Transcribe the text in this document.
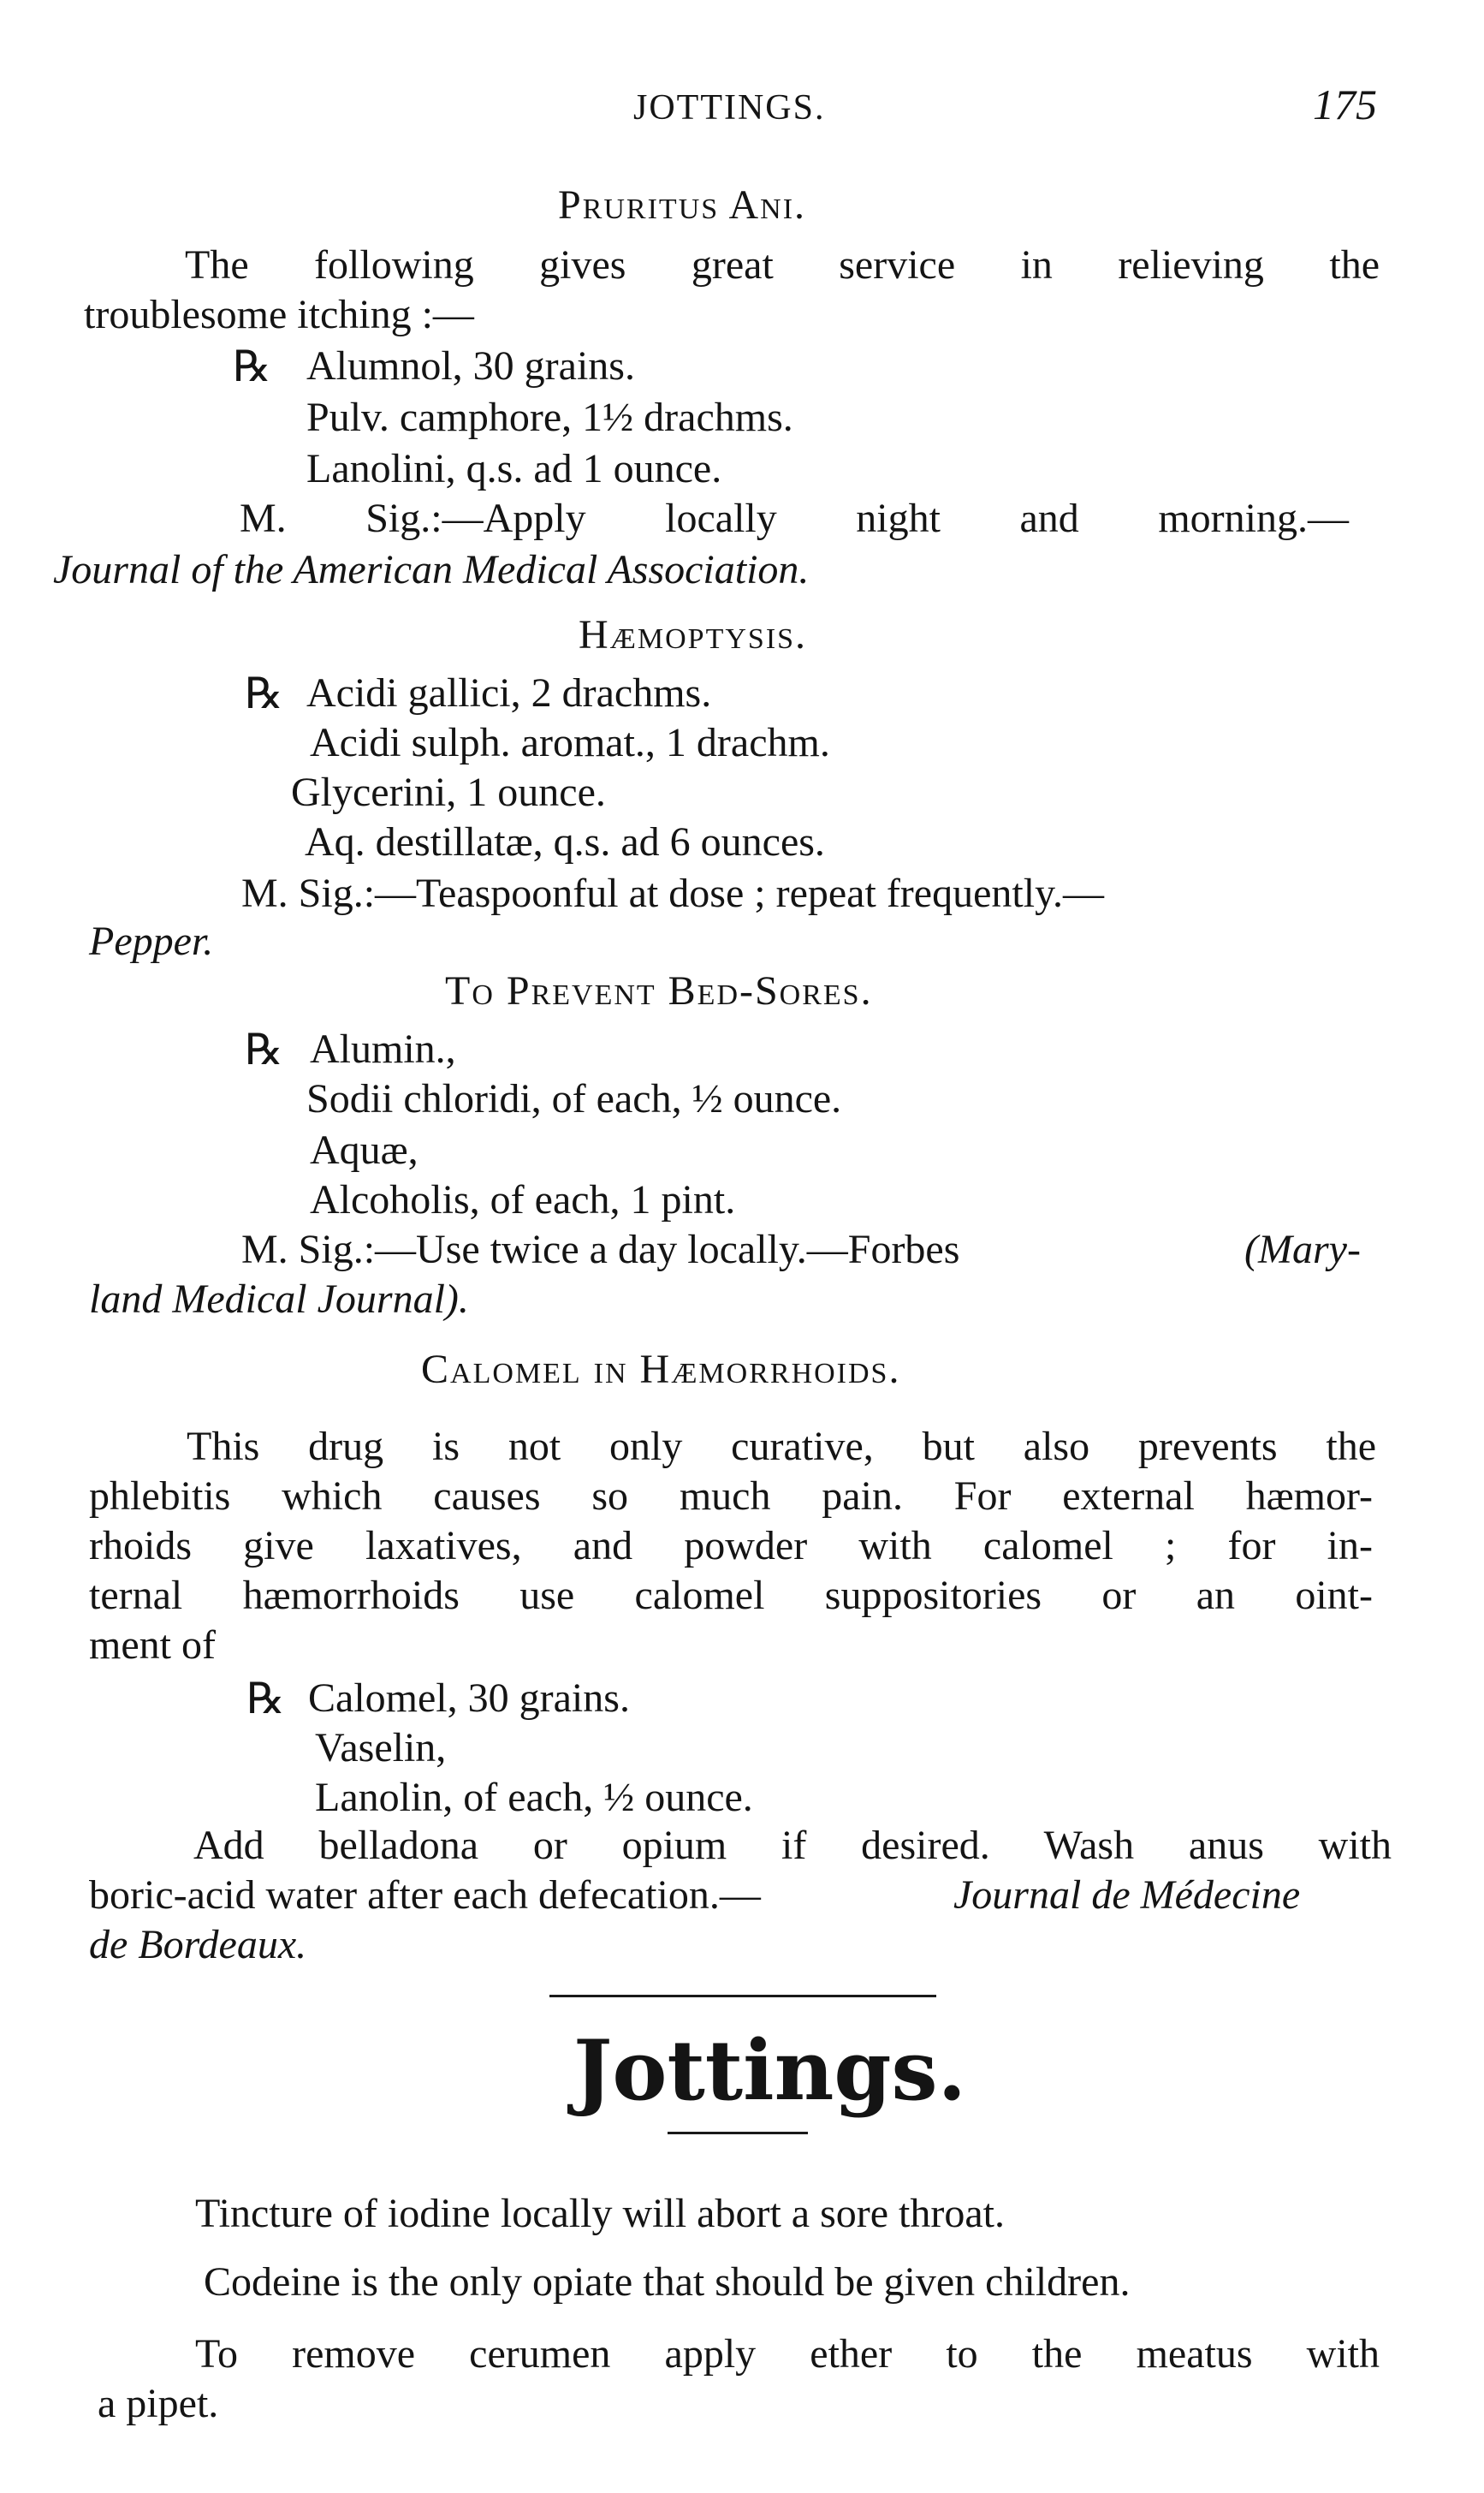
JOTTINGS.	175
Pruritus Ani.
The following gives great service in relieving the
troublesome itching :—
℞ Alumnol, 30 grains.
Pulv. camphore, 1½ drachms.
Lanolini, q.s. ad 1 ounce.
M. Sig.:—Apply locally night and morning.—
Journal of the American Medical Association.
Hæmoptysis.
℞ Acidi gallici, 2 drachms.
Acidi sulph. aromat., 1 drachm.
Glycerini, 1 ounce.
Aq. destillatæ, q.s. ad 6 ounces.
M. Sig.:—Teaspoonful at dose ; repeat frequently.—
Pepper.
To Prevent Bed-Sores.
℞ Alumin.,
Sodii chloridi, of each, ½ ounce.
Aquæ,
Alcoholis, of each, 1 pint.
M. Sig.:—Use twice a day locally.—Forbes	(Mary-
land Medical Journal).
Calomel in Hæmorrhoids.
This drug is not only curative, but also prevents the
phlebitis which causes so much pain. For external hæmor-
rhoids give laxatives, and powder with calomel ; for in-
ternal hæmorrhoids use calomel suppositories or an oint-
ment of
℞ Calomel, 30 grains.
Vaselin,
Lanolin, of each, ½ ounce.
Add belladona or opium if desired. Wash anus with
boric-acid water after each defecation.—	Journal de Médecine
de Bordeaux.
Jottings.
Tincture of iodine locally will abort a sore throat.
Codeine is the only opiate that should be given children.
To remove cerumen apply ether to the meatus with
a pipet.
